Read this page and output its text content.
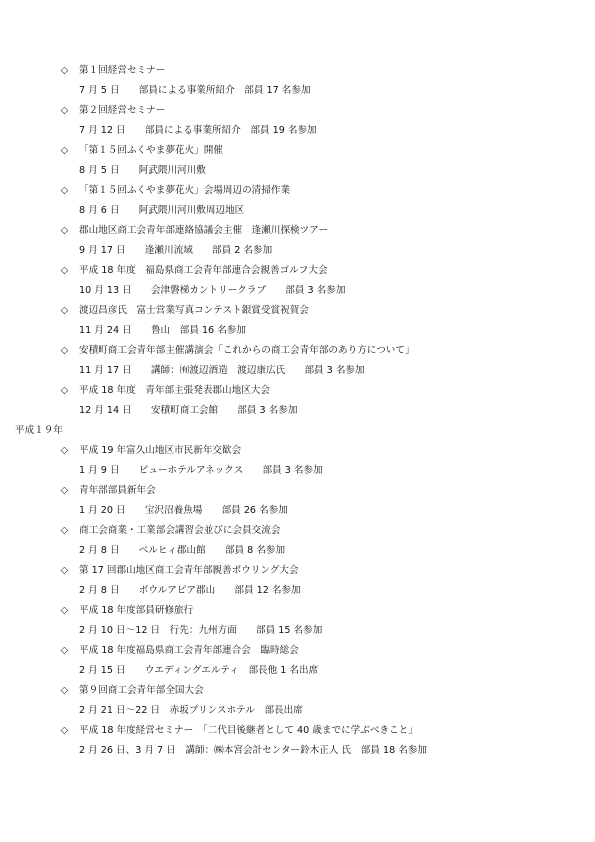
◇ 第１回経営セミナー
7 月 5 日　　部員による事業所紹介　部員 17 名参加
◇ 第２回経営セミナー
7 月 12 日　　部員による事業所紹介　部員 19 名参加
◇ 「第１５回ふくやま夢花火」開催
8 月 5 日　　阿武隈川河川敷
◇ 「第１５回ふくやま夢花火」会場周辺の清掃作業
8 月 6 日　　阿武隈川河川敷周辺地区
◇ 郡山地区商工会青年部連絡協議会主催　逢瀬川探検ツアー
9 月 17 日　　逢瀬川流域　　部員 2 名参加
◇ 平成 18 年度　福島県商工会青年部連合会親善ゴルフ大会
10 月 13 日　　会津磐梯カントリークラブ　　部員 3 名参加
◇ 渡辺昌彦氏　富士営業写真コンテスト銀賞受賞祝賀会
11 月 24 日　　鲁山　部員 16 名参加
◇ 安積町商工会青年部主催講演会「これからの商工会青年部のあり方について」
11 月 17 日　　講師：㈲渡辺酒造　渡辺康広氏　　部員 3 名参加
◇ 平成 18 年度　青年部主張発表郡山地区大会
12 月 14 日　　安積町商工会館　　部員 3 名参加
平成１９年
◇ 平成 19 年富久山地区市民新年交歓会
1 月 9 日　　ビューホテルアネックス　　部員 3 名参加
◇ 青年部部員新年会
1 月 20 日　　宝沢沼養魚場　　部員 26 名参加
◇ 商工会商業・工業部会講習会並びに会員交流会
2 月 8 日　　ベルヒィ郡山館　　部員 8 名参加
◇ 第 17 回郡山地区商工会青年部親善ボウリング大会
2 月 8 日　　ボウルアピア郡山　　部員 12 名参加
◇ 平成 18 年度部員研修旅行
2 月 10 日～12 日　行先：九州方面　　部員 15 名参加
◇ 平成 18 年度福島県商工会青年部連合会　臨時総会
2 月 15 日　　ウエディングエルティ　部長他 1 名出席
◇ 第９回商工会青年部全国大会
2 月 21 日～22 日　赤坂プリンスホテル　部長出席
◇ 平成 18 年度経営セミナー　「二代目後継者として 40 歳までに学ぶべきこと」
2 月 26 日、3 月 7 日　講師：㈱本宮会計センター鈴木正人 氏　部員 18 名参加
